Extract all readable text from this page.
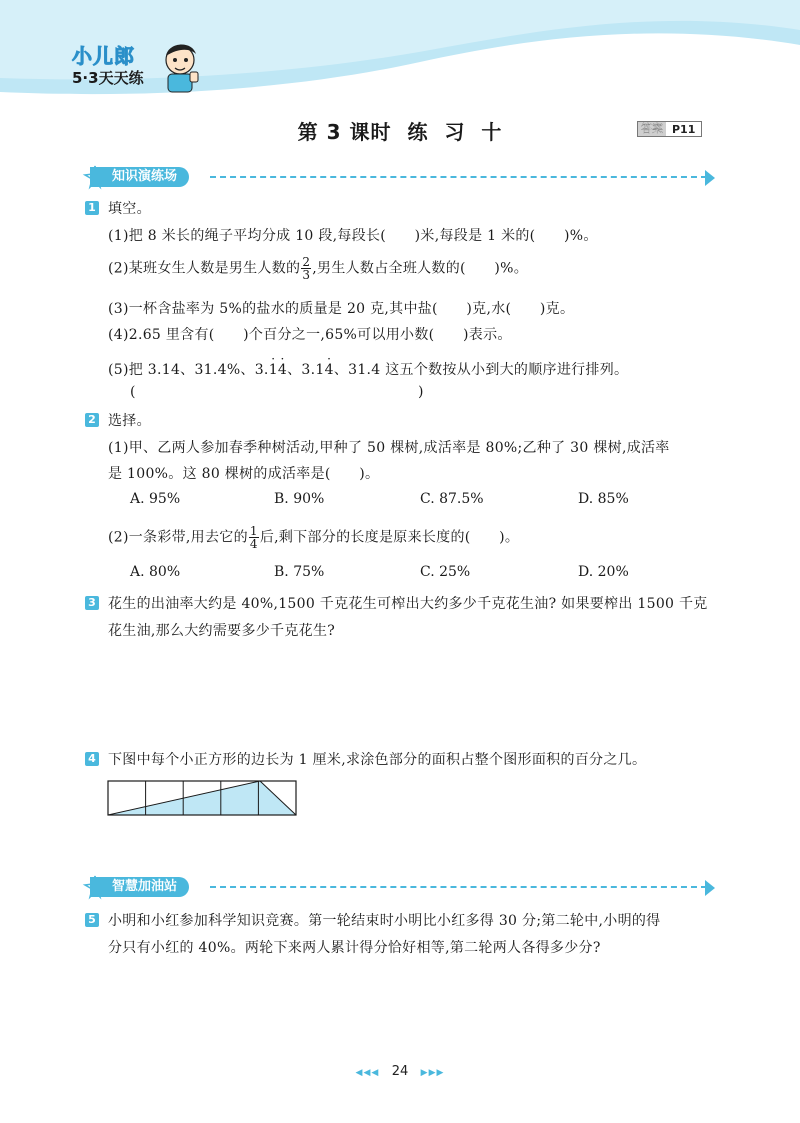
小儿郎
5·3天天练
第 3 课时 练 习 十	答案 P11
知识演练场
1 填空。
(1)把 8 米长的绳子平均分成 10 段,每段长(　　)米,每段是 1 米的(　　)%。
(2)某班女生人数是男生人数的 $\frac{2}{3}$ ,男生人数占全班人数的(　　)%。
(3)一杯含盐率为 5%的盐水的质量是 20 克,其中盐(　　)克,水(　　)克。
(4)2.65 里含有(　　)个百分之一,65%可以用小数(　　)表示。
(5)把 3.14、31.4%、3.· 1· 4、3.1· 4、31.4 这五个数按从小到大的顺序进行排列。
(	)
2 选择。
(1)甲、乙两人参加春季种树活动,甲种了 50 棵树,成活率是 80%;乙种了 30 棵树,成活率
是 100%。这 80 棵树的成活率是(　　)。
A. 95%	B. 90%	C. 87.5%	D. 85%
(2)一条彩带,用去它的 $\frac{1}{4}$ 后,剩下部分的长度是原来长度的(　　)。
A. 80%	B. 75%	C. 25%	D. 20%
3 花生的出油率大约是 40%,1500 千克花生可榨出大约多少千克花生油? 如果要榨出 1500 千克
花生油,那么大约需要多少千克花生?
4 下图中每个小正方形的边长为 1 厘米,求涂色部分的面积占整个图形面积的百分之几。
智慧加油站
5 小明和小红参加科学知识竞赛。第一轮结束时小明比小红多得 30 分;第二轮中,小明的得
分只有小红的 40%。两轮下来两人累计得分恰好相等,第二轮两人各得多少分?
◀◀◀ 24 ▶▶▶
